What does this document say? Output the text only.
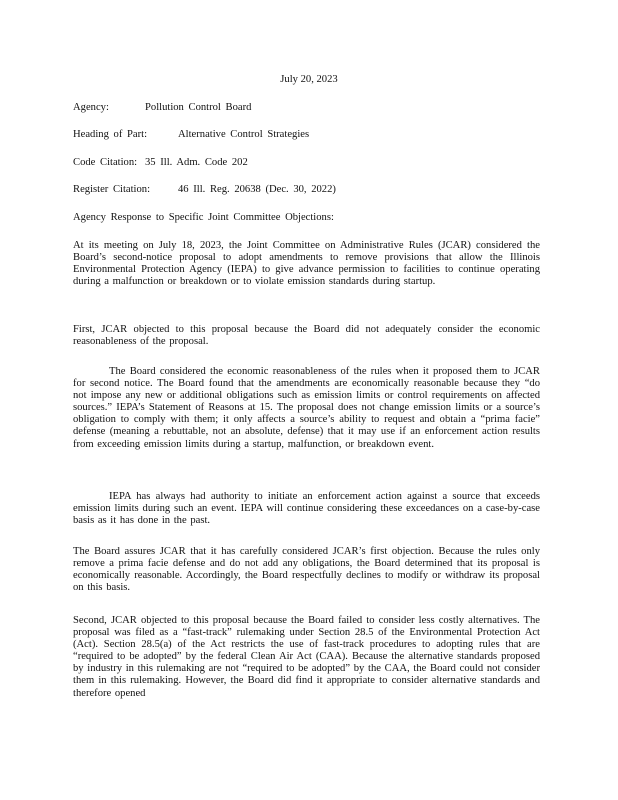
July 20, 2023
Agency:	Pollution Control Board
Heading of Part:	Alternative Control Strategies
Code Citation: 35 Ill. Adm. Code 202
Register Citation:	46 Ill. Reg. 20638 (Dec. 30, 2022)
Agency Response to Specific Joint Committee Objections:

At its meeting on July 18, 2023, the Joint Committee on Administrative Rules (JCAR) considered the Board’s second-notice proposal to adopt amendments to remove provisions that allow the Illinois Environmental Protection Agency (IEPA) to give advance permission to facilities to continue operating during a malfunction or breakdown or to violate emission standards during startup.

First, JCAR objected to this proposal because the Board did not adequately consider the economic reasonableness of the proposal.

The Board considered the economic reasonableness of the rules when it proposed them to JCAR for second notice. The Board found that the amendments are economically reasonable because they “do not impose any new or additional obligations such as emission limits or control requirements on affected sources.” IEPA’s Statement of Reasons at 15. The proposal does not change emission limits or a source’s obligation to comply with them; it only affects a source’s ability to request and obtain a “prima facie” defense (meaning a rebuttable, not an absolute, defense) that it may use if an enforcement action results from exceeding emission limits during a startup, malfunction, or breakdown event.

IEPA has always had authority to initiate an enforcement action against a source that exceeds emission limits during such an event. IEPA will continue considering these exceedances on a case-by-case basis as it has done in the past.

The Board assures JCAR that it has carefully considered JCAR’s first objection. Because the rules only remove a prima facie defense and do not add any obligations, the Board determined that its proposal is economically reasonable. Accordingly, the Board respectfully declines to modify or withdraw its proposal on this basis.

Second, JCAR objected to this proposal because the Board failed to consider less costly alternatives. The proposal was filed as a “fast-track” rulemaking under Section 28.5 of the Environmental Protection Act (Act). Section 28.5(a) of the Act restricts the use of fast-track procedures to adopting rules that are “required to be adopted” by the federal Clean Air Act (CAA). Because the alternative standards proposed by industry in this rulemaking are not “required to be adopted” by the CAA, the Board could not consider them in this rulemaking. However, the Board did find it appropriate to consider alternative standards and therefore opened
